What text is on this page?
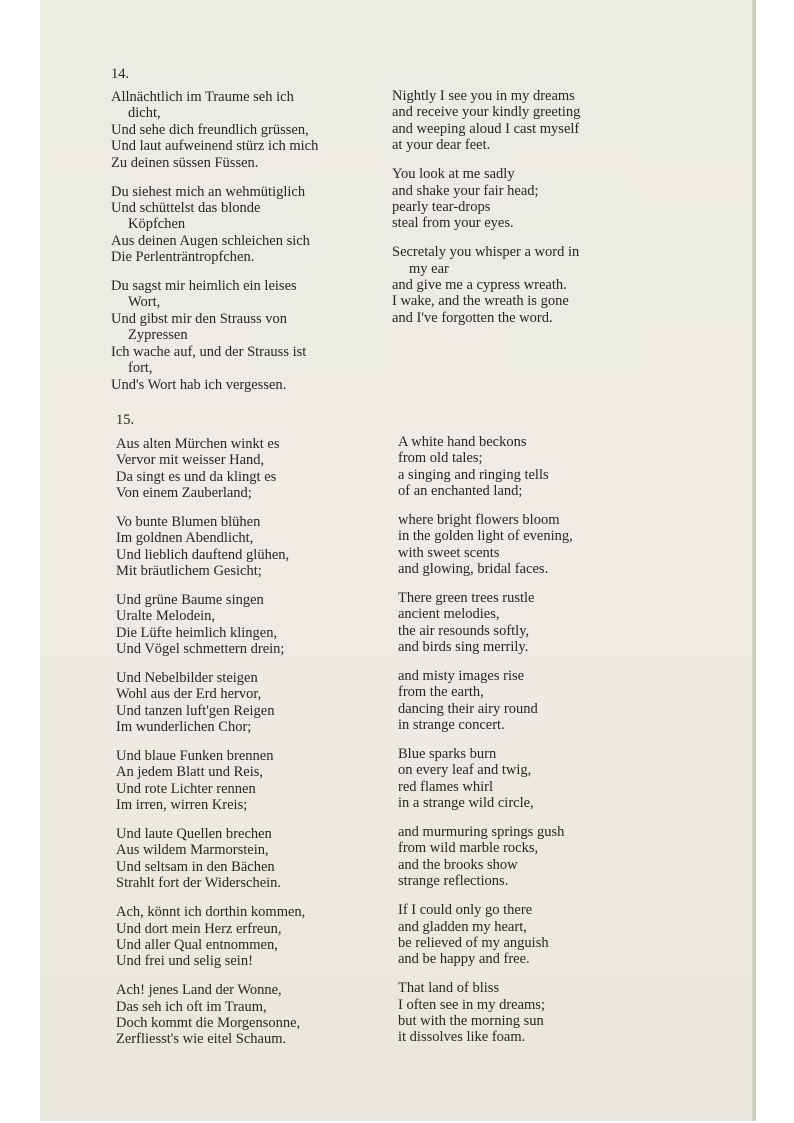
14.
Allnächtlich im Traume seh ich
dicht,
Und sehe dich freundlich grüssen,
Und laut aufweinend stürz ich mich
Zu deinen süssen Füssen.
Du siehest mich an wehmütiglich
Und schüttelst das blonde
Köpfchen
Aus deinen Augen schleichen sich
Die Perlenträntropfchen.
Du sagst mir heimlich ein leises
Wort,
Und gibst mir den Strauss von
Zypressen
Ich wache auf, und der Strauss ist
fort,
Und's Wort hab ich vergessen.
Nightly I see you in my dreams
and receive your kindly greeting
and weeping aloud I cast myself
at your dear feet.
You look at me sadly
and shake your fair head;
pearly tear-drops
steal from your eyes.
Secretaly you whisper a word in
my ear
and give me a cypress wreath.
I wake, and the wreath is gone
and I've forgotten the word.
15.
Aus alten Mürchen winkt es
Vervor mit weisser Hand,
Da singt es und da klingt es
Von einem Zauberland;
Vo bunte Blumen blühen
Im goldnen Abendlicht,
Und lieblich dauftend glühen,
Mit bräutlichem Gesicht;
Und grüne Baume singen
Uralte Melodein,
Die Lüfte heimlich klingen,
Und Vögel schmettern drein;
Und Nebelbilder steigen
Wohl aus der Erd hervor,
Und tanzen luft'gen Reigen
Im wunderlichen Chor;
Und blaue Funken brennen
An jedem Blatt und Reis,
Und rote Lichter rennen
Im irren, wirren Kreis;
Und laute Quellen brechen
Aus wildem Marmorstein,
Und seltsam in den Bächen
Strahlt fort der Widerschein.
Ach, könnt ich dorthin kommen,
Und dort mein Herz erfreun,
Und aller Qual entnommen,
Und frei und selig sein!
Ach! jenes Land der Wonne,
Das seh ich oft im Traum,
Doch kommt die Morgensonne,
Zerfliesst's wie eitel Schaum.
A white hand beckons
from old tales;
a singing and ringing tells
of an enchanted land;
where bright flowers bloom
in the golden light of evening,
with sweet scents
and glowing, bridal faces.
There green trees rustle
ancient melodies,
the air resounds softly,
and birds sing merrily.
and misty images rise
from the earth,
dancing their airy round
in strange concert.
Blue sparks burn
on every leaf and twig,
red flames whirl
in a strange wild circle,
and murmuring springs gush
from wild marble rocks,
and the brooks show
strange reflections.
If I could only go there
and gladden my heart,
be relieved of my anguish
and be happy and free.
That land of bliss
I often see in my dreams;
but with the morning sun
it dissolves like foam.
